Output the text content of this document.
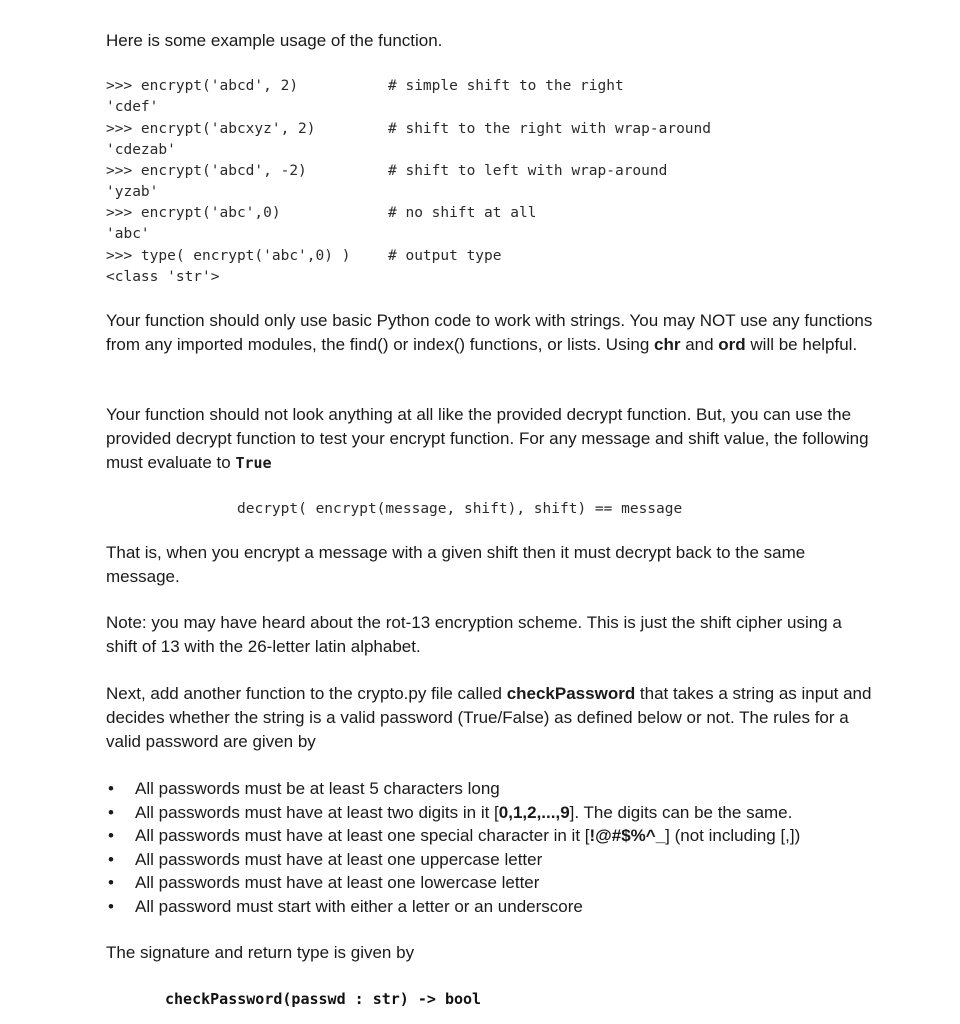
Here is some example usage of the function.

>>> encrypt('abcd', 2)	# simple shift to the right
'cdef'
>>> encrypt('abcxyz', 2)	# shift to the right with wrap-around
'cdezab'
>>> encrypt('abcd', -2)	# shift to left with wrap-around
'yzab'
>>> encrypt('abc',0)	# no shift at all
'abc'
>>> type( encrypt('abc',0) )	# output type
<class 'str'>

Your function should only use basic Python code to work with strings. You may NOT use any functions from any imported modules, the find() or index() functions, or lists. Using chr and ord will be helpful.

Your function should not look anything at all like the provided decrypt function. But, you can use the provided decrypt function to test your encrypt function. For any message and shift value, the following must evaluate to True

decrypt( encrypt(message, shift), shift) == message

That is, when you encrypt a message with a given shift then it must decrypt back to the same message.

Note: you may have heard about the rot-13 encryption scheme. This is just the shift cipher using a shift of 13 with the 26-letter latin alphabet.

Next, add another function to the crypto.py file called checkPassword that takes a string as input and decides whether the string is a valid password (True/False) as defined below or not. The rules for a valid password are given by

• All passwords must be at least 5 characters long
• All passwords must have at least two digits in it [0,1,2,...,9]. The digits can be the same.
• All passwords must have at least one special character in it [!@#$%^_] (not including [,])
• All passwords must have at least one uppercase letter
• All passwords must have at least one lowercase letter
• All password must start with either a letter or an underscore

The signature and return type is given by

checkPassword(passwd : str) -> bool
